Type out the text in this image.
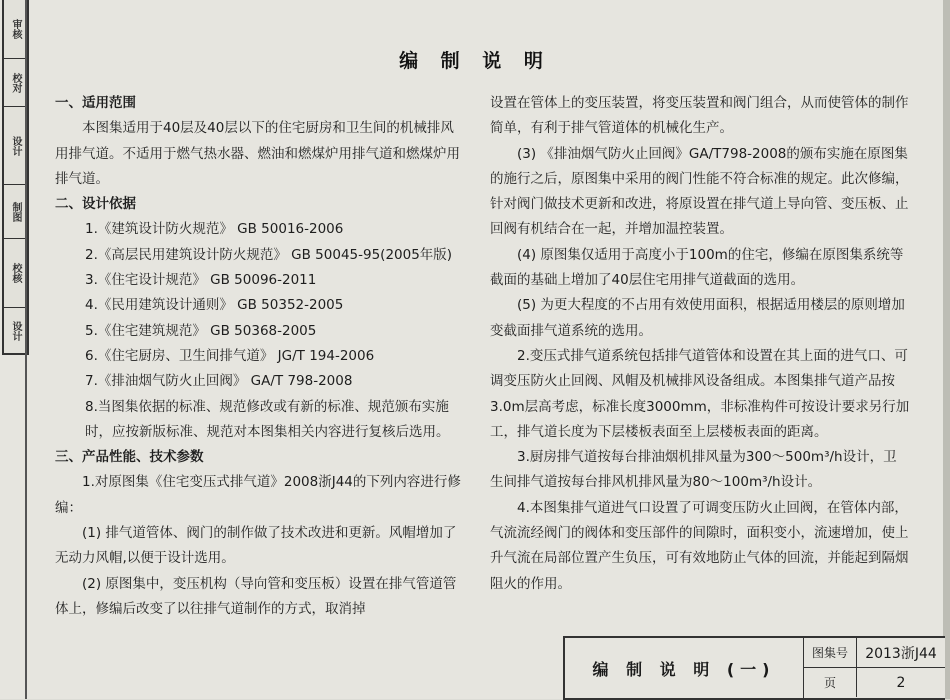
审核
校对
设计
制图
校核
设计
编 制 说 明

一、适用范围

本图集适用于40层及40层以下的住宅厨房和卫生间的机械排风用排气道。不适用于燃气热水器、燃油和燃煤炉用排气道和燃煤炉用排气道。

二、设计依据

1.《建筑设计防火规范》 GB 50016-2006

2.《高层民用建筑设计防火规范》 GB 50045-95(2005年版)

3.《住宅设计规范》 GB 50096-2011

4.《民用建筑设计通则》 GB 50352-2005

5.《住宅建筑规范》 GB 50368-2005

6.《住宅厨房、卫生间排气道》 JG/T 194-2006

7.《排油烟气防火止回阀》 GA/T 798-2008

8.当图集依据的标准、规范修改或有新的标准、规范颁布实施时，应按新版标准、规范对本图集相关内容进行复核后选用。

三、产品性能、技术参数

1.对原图集《住宅变压式排气道》2008浙J44的下列内容进行修编：

(1) 排气道管体、阀门的制作做了技术改进和更新。风帽增加了无动力风帽,以便于设计选用。

(2) 原图集中，变压机构（导向管和变压板）设置在排气管道管体上，修编后改变了以往排气道制作的方式，取消掉

设置在管体上的变压装置，将变压装置和阀门组合，从而使管体的制作简单，有利于排气管道体的机械化生产。

(3) 《排油烟气防火止回阀》GA/T798-2008的颁布实施在原图集的施行之后，原图集中采用的阀门性能不符合标准的规定。此次修编，针对阀门做技术更新和改进，将原设置在排气道上导向管、变压板、止回阀有机结合在一起，并增加温控装置。

(4) 原图集仅适用于高度小于100m的住宅，修编在原图集系统等截面的基础上增加了40层住宅用排气道截面的选用。

(5) 为更大程度的不占用有效使用面积，根据适用楼层的原则增加变截面排气道系统的选用。

2.变压式排气道系统包括排气道管体和设置在其上面的进气口、可调变压防火止回阀、风帽及机械排风设备组成。本图集排气道产品按3.0m层高考虑，标准长度3000mm，非标准构件可按设计要求另行加工，排气道长度为下层楼板表面至上层楼板表面的距离。

3.厨房排气道按每台排油烟机排风量为300～500m³/h设计，卫生间排气道按每台排风机排风量为80～100m³/h设计。

4.本图集排气道进气口设置了可调变压防火止回阀，在管体内部，气流流经阀门的阀体和变压部件的间隙时，面积变小，流速增加，使上升气流在局部位置产生负压，可有效地防止气体的回流，并能起到隔烟阻火的作用。

编 制 说 明 (一)
图集号	2013浙J44
页	2
